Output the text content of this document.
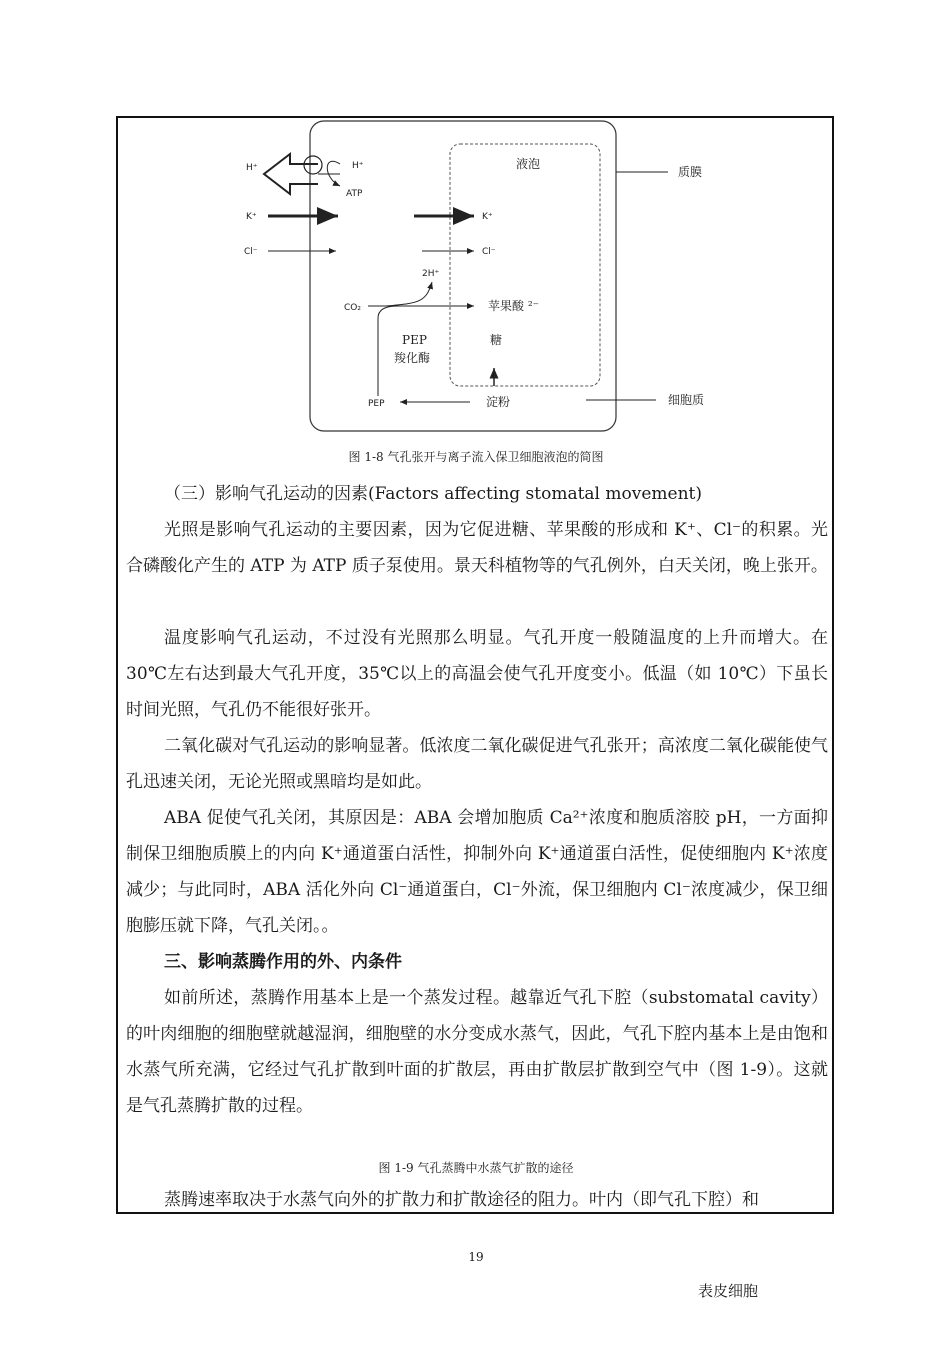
H⁺	H⁺
ATP
K⁺	K⁺
Cl⁻	Cl⁻
2H⁺
CO₂	苹果酸 ²⁻
PEP
羧化酶
糖
PEP	淀粉
液泡
质膜
细胞质
图 1-8 气孔张开与离子流入保卫细胞液泡的简图

（三）影响气孔运动的因素(Factors affecting stomatal movement)

光照是影响气孔运动的主要因素，因为它促进糖、苹果酸的形成和 K⁺、Cl⁻的积累。光合磷酸化产生的 ATP 为 ATP 质子泵使用。景天科植物等的气孔例外，白天关闭，晚上张开。

温度影响气孔运动，不过没有光照那么明显。气孔开度一般随温度的上升而增大。在 30℃左右达到最大气孔开度，35℃以上的高温会使气孔开度变小。低温（如 10℃）下虽长时间光照，气孔仍不能很好张开。

二氧化碳对气孔运动的影响显著。低浓度二氧化碳促进气孔张开；高浓度二氧化碳能使气孔迅速关闭，无论光照或黑暗均是如此。

ABA 促使气孔关闭，其原因是：ABA 会增加胞质 Ca²⁺浓度和胞质溶胶 pH，一方面抑制保卫细胞质膜上的内向 K⁺通道蛋白活性，抑制外向 K⁺通道蛋白活性，促使细胞内 K⁺浓度减少；与此同时，ABA 活化外向 Cl⁻通道蛋白，Cl⁻外流，保卫细胞内 Cl⁻浓度减少，保卫细胞膨压就下降，气孔关闭。。

三、影响蒸腾作用的外、内条件

如前所述，蒸腾作用基本上是一个蒸发过程。越靠近气孔下腔（substomatal cavity）的叶肉细胞的细胞壁就越湿润，细胞壁的水分变成水蒸气，因此，气孔下腔内基本上是由饱和水蒸气所充满，它经过气孔扩散到叶面的扩散层，再由扩散层扩散到空气中（图 1-9）。这就是气孔蒸腾扩散的过程。

图 1-9 气孔蒸腾中水蒸气扩散的途径

蒸腾速率取决于水蒸气向外的扩散力和扩散途径的阻力。叶内（即气孔下腔）和

19
表皮细胞
